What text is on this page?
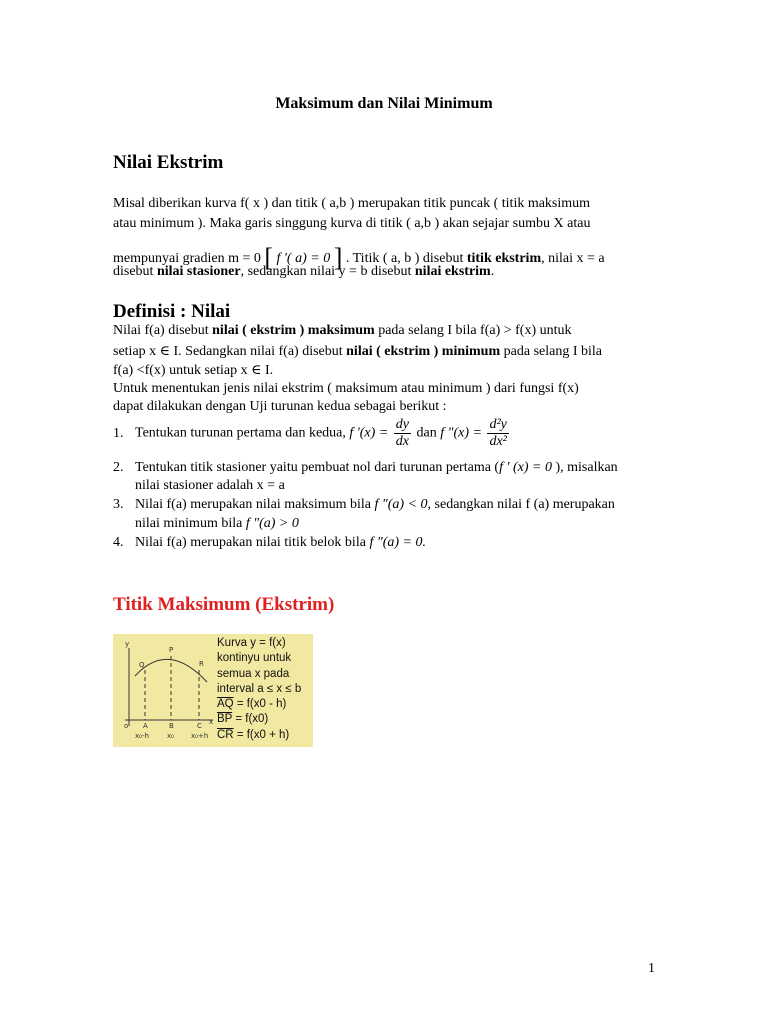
Maksimum dan Nilai Minimum
Nilai Ekstrim
Misal diberikan kurva f( x ) dan titik ( a,b ) merupakan titik puncak ( titik maksimum
atau minimum ). Maka garis singgung kurva di titik ( a,b ) akan sejajar sumbu X atau
mempunyai gradien m = 0 [ f '( a) = 0 ] . Titik ( a, b ) disebut titik ekstrim, nilai x = a
disebut nilai stasioner, sedangkan nilai y = b disebut nilai ekstrim.
Definisi : Nilai
Nilai f(a) disebut nilai ( ekstrim ) maksimum pada selang I bila f(a) > f(x) untuk
setiap x ∈ I. Sedangkan nilai f(a) disebut nilai ( ekstrim ) minimum pada selang I bila
f(a) <f(x) untuk setiap x ∈ I.
Untuk menentukan jenis nilai ekstrim ( maksimum atau minimum ) dari fungsi f(x)
dapat dilakukan dengan Uji turunan kedua sebagai berikut :
1. Tentukan turunan pertama dan kedua, f '$(x) = \frac{dy}{dx}$ dan f "$(x) = \frac{\text{d²y}}{\text{dx²}}$
2. Tentukan titik stasioner yaitu pembuat nol dari turunan pertama (f ' (x) = 0 ), misalkan
nilai stasioner adalah x = a
3. Nilai f(a) merupakan nilai maksimum bila f "(a) < 0, sedangkan nilai f (a) merupakan
nilai minimum bila f "(a) > 0
4. Nilai f(a) merupakan nilai titik belok bila f "(a) = 0.
Titik Maksimum (Ekstrim)
y
Q
P
R
A	B	C x
o
x₀-h	x₀ x₀+h
Kurva y = f(x)
kontinyu untuk
semua x pada
interval a ≤ x ≤ b
$\overline{AQ} = f(x0 - h)$
$\overline{BP} = f(x0)$
$\overline{CR} = f(x0 + h)$
1
